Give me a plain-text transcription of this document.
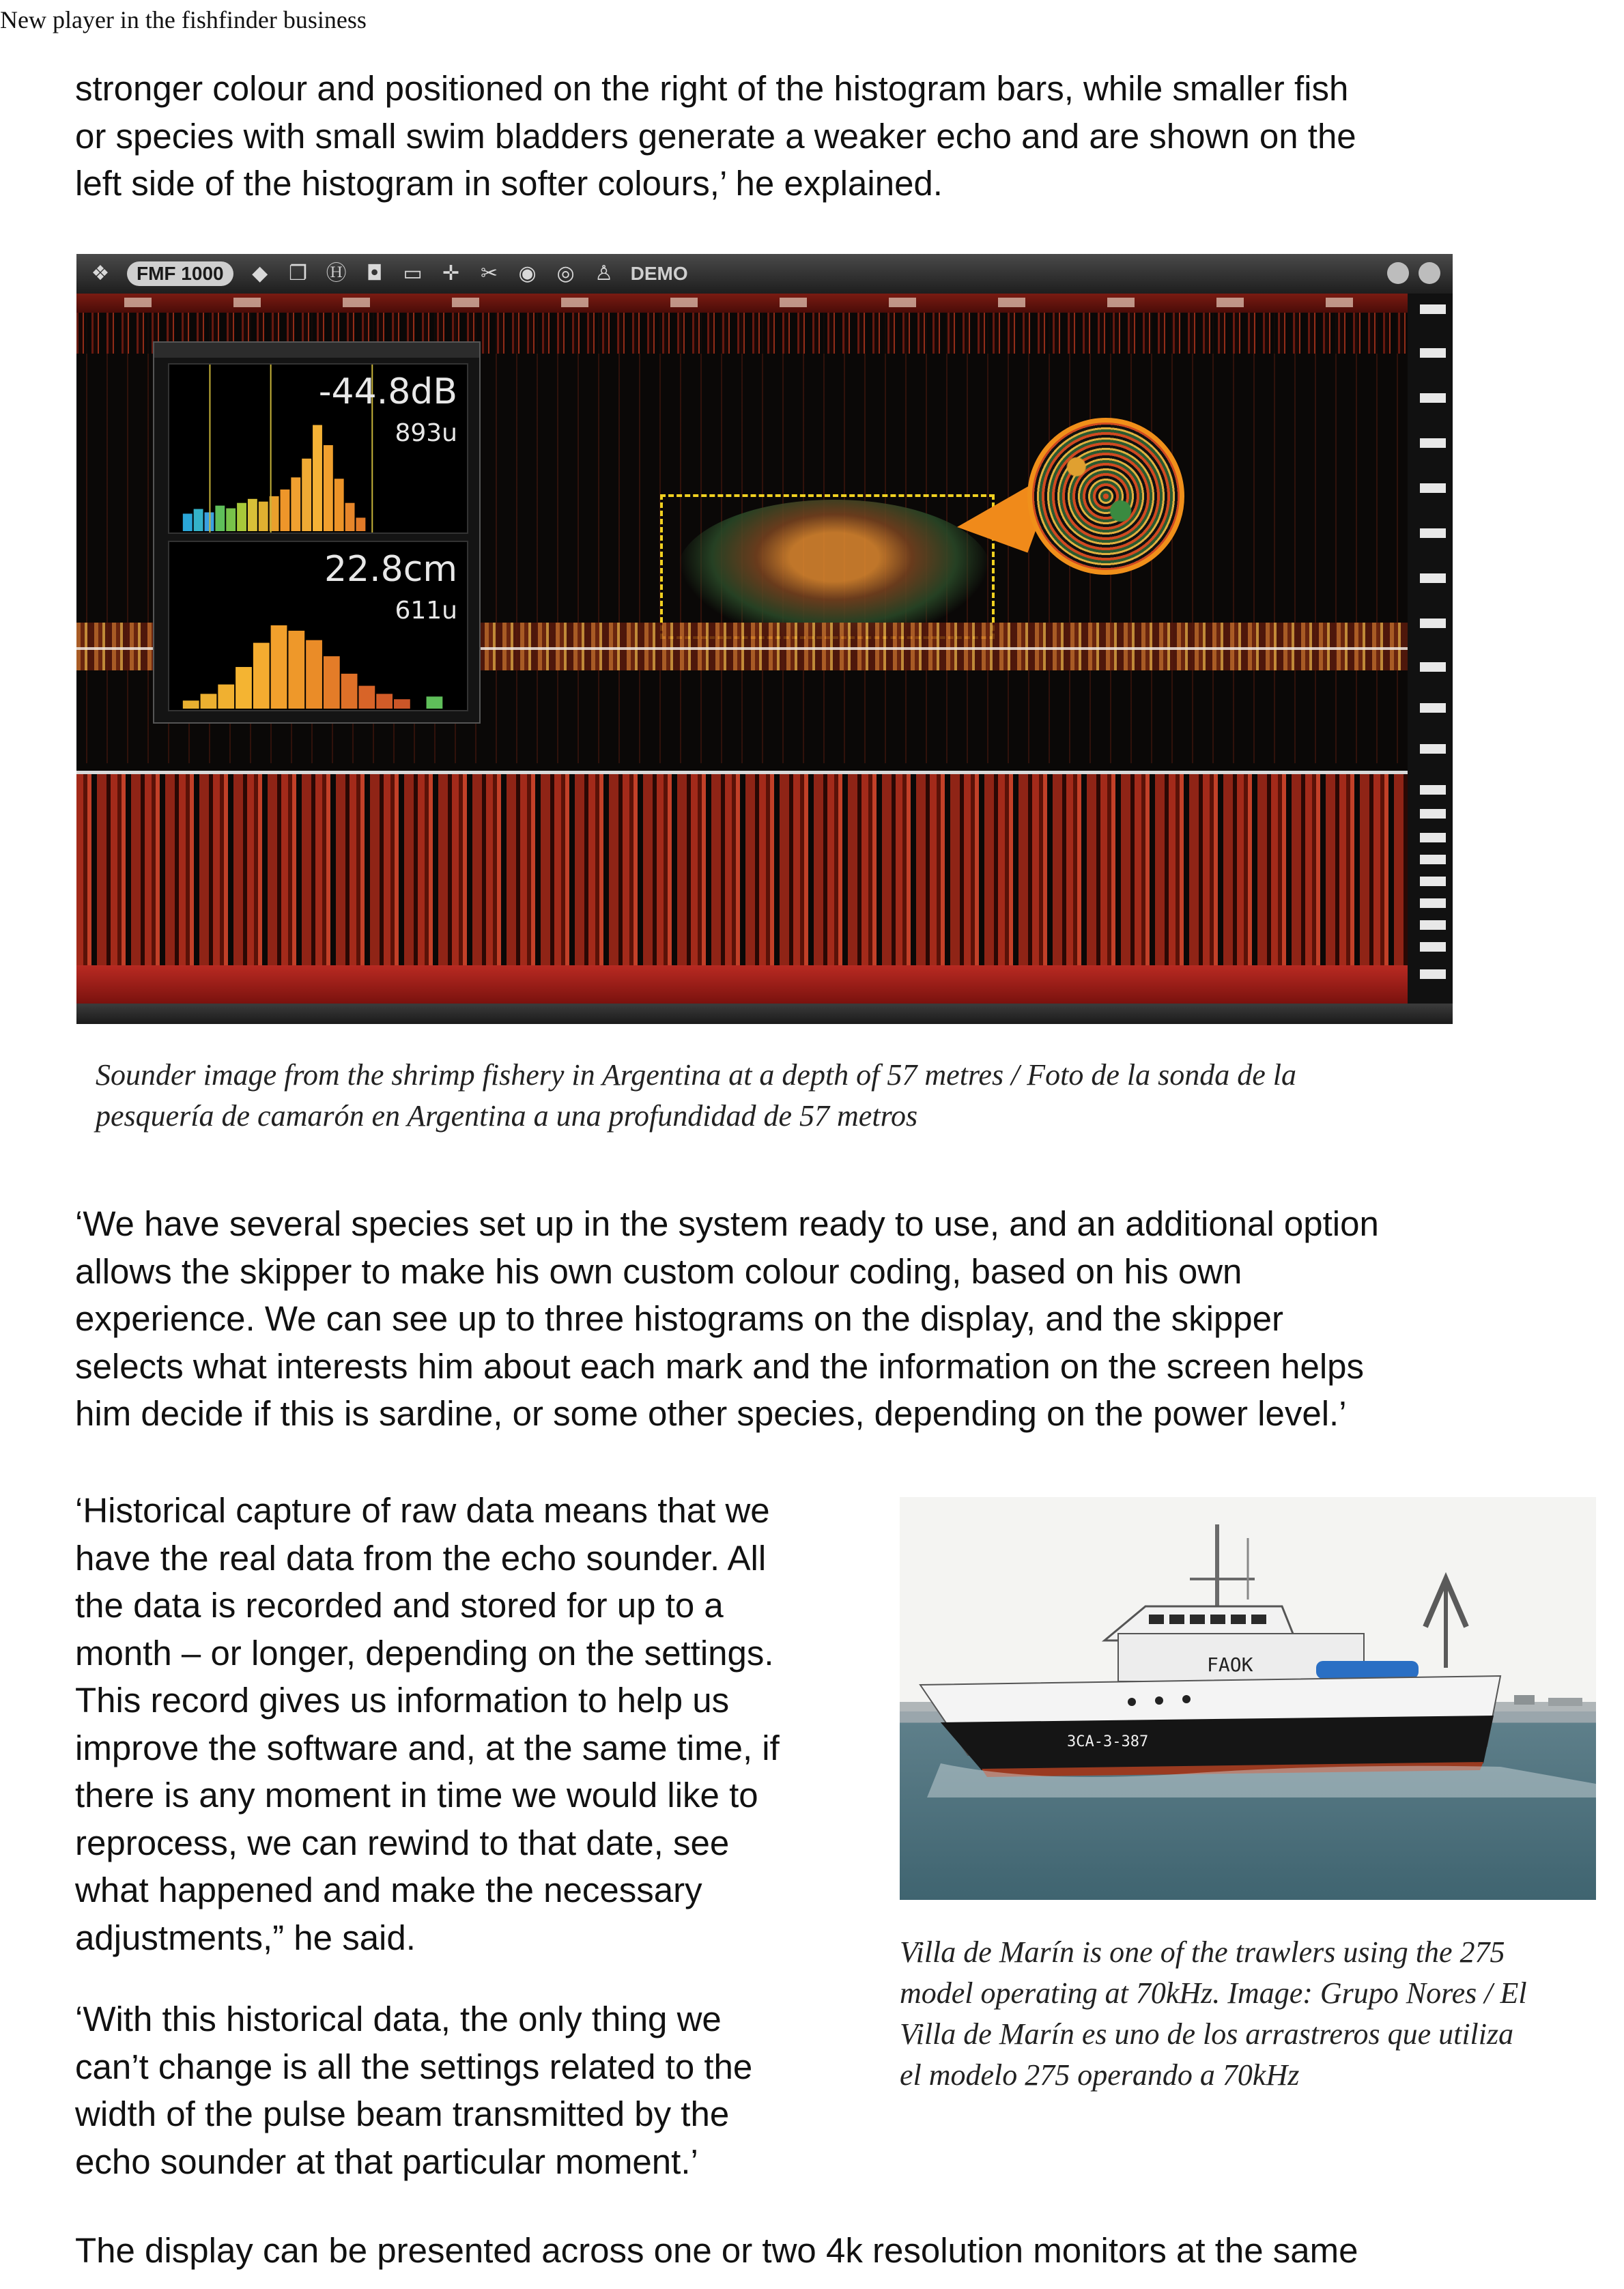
New player in the fishfinder business

stronger colour and positioned on the right of the histogram bars, while smaller fish
or species with small swim bladders generate a weaker echo and are shown on the
left side of the histogram in softer colours,’ he explained.

❖	FMF 1000	◆ ❐ Ⓗ ◘ ▭ ✛ ✂ ◉ ◎ ♙ DEMO
-44.8dB
893u
22.8cm
611u

Sounder image from the shrimp fishery in Argentina at a depth of 57 metres / Foto de la sonda de la
pesquería de camarón en Argentina a una profundidad de 57 metros

‘We have several species set up in the system ready to use, and an additional option
allows the skipper to make his own custom colour coding, based on his own
experience. We can see up to three histograms on the display, and the skipper
selects what interests him about each mark and the information on the screen helps
him decide if this is sardine, or some other species, depending on the power level.’

‘Historical capture of raw data means that we
have the real data from the echo sounder. All
the data is recorded and stored for up to a
month – or longer, depending on the settings.
This record gives us information to help us
improve the software and, at the same time, if
there is any moment in time we would like to
reprocess, we can rewind to that date, see
what happened and make the necessary
adjustments,” he said.

FAOK
3CA-3-387

Villa de Marín is one of the trawlers using the 275
model operating at 70kHz. Image: Grupo Nores / El
Villa de Marín es uno de los arrastreros que utiliza
el modelo 275 operando a 70kHz

‘With this historical data, the only thing we
can’t change is all the settings related to the
width of the pulse beam transmitted by the
echo sounder at that particular moment.’

The display can be presented across one or two 4k resolution monitors at the same
